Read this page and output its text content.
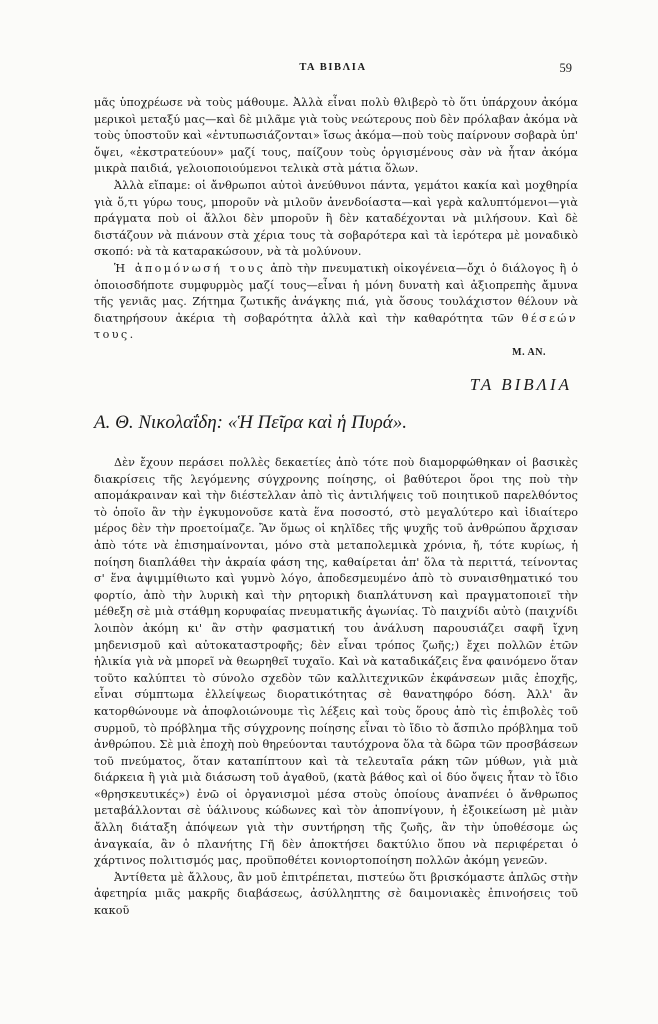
ΤΑ ΒΙΒΛΙΑ	59

μᾶς ὑποχρέωσε νὰ τοὺς μάθουμε. Ἀλλὰ εἶναι πολὺ θλιβερὸ τὸ ὅτι ὑπάρχουν ἀκόμα μερικοὶ μεταξύ μας—καὶ δὲ μιλᾶμε γιὰ τοὺς νεώτερους ποὺ δὲν πρόλαβαν ἀκόμα νὰ τοὺς ὑποστοῦν καὶ «ἐντυπωσιάζονται» ἴσως ἀκόμα—ποὺ τοὺς παίρνουν σοβαρὰ ὑπ' ὄψει, «ἐκστρατεύουν» μαζί τους, παίζουν τοὺς ὀργισμένους σὰν νὰ ἦταν ἀκόμα μικρὰ παιδιά, γελοιοποιούμενοι τελικὰ στὰ μάτια ὅλων.

Ἀλλὰ εἴπαμε: οἱ ἄνθρωποι αὐτοὶ ἀνεύθυνοι πάντα, γεμάτοι κακία καὶ μοχθηρία γιὰ ὅ,τι γύρω τους, μποροῦν νὰ μιλοῦν ἀνενδοίαστα—καὶ γερὰ καλυπτόμενοι—γιὰ πράγματα ποὺ οἱ ἄλλοι δὲν μποροῦν ἢ δὲν καταδέχονται νὰ μιλήσουν. Καὶ δὲ διστάζουν νὰ πιάνουν στὰ χέρια τους τὰ σοβαρότερα καὶ τὰ ἱερότερα μὲ μοναδικὸ σκοπό: νὰ τὰ καταρακώσουν, νὰ τὰ μολύνουν.

Ἡ ἀπομόνωσή τους ἀπὸ τὴν πνευματικὴ οἰκογένεια—ὄχι ὁ διάλογος ἢ ὁ ὁποιοσδήποτε συμφυρμὸς μαζί τους—εἶναι ἡ μόνη δυνατὴ καὶ ἀξιοπρεπὴς ἄμυνα τῆς γενιᾶς μας. Ζήτημα ζωτικῆς ἀνάγκης πιά, γιὰ ὅσους τουλάχιστον θέλουν νὰ διατηρήσουν ἀκέρια τὴ σοβαρότητα ἀλλὰ καὶ τὴν καθαρότητα τῶν θέσεών τους.

Μ. ΑΝ.
ΤΑ ΒΙΒΛΙΑ
Α. Θ. Νικολαΐδη: «Ἡ Πεῖρα καὶ ἡ Πυρά».

Δὲν ἔχουν περάσει πολλὲς δεκαετίες ἀπὸ τότε ποὺ διαμορφώθηκαν οἱ βασικὲς διακρίσεις τῆς λεγόμενης σύγχρονης ποίησης, οἱ βαθύτεροι ὅροι της ποὺ τὴν απομάκραιναν καὶ τὴν διέστελλαν ἀπὸ τὶς ἀντιλήψεις τοῦ ποιητικοῦ παρελθόντος τὸ ὁποῖο ἂν τὴν ἐγκυμονοῦσε κατὰ ἕνα ποσοστό, στὸ μεγαλύτερο καὶ ἰδιαίτερο μέρος δὲν τὴν προετοίμαζε. Ἂν ὅμως οἱ κηλῖδες τῆς ψυχῆς τοῦ ἀνθρώπου ἄρχισαν ἀπὸ τότε νὰ ἐπισημαίνονται, μόνο στὰ μεταπολεμικὰ χρόνια, ἤ, τότε κυρίως, ἡ ποίηση διαπλάθει τὴν ἀκραία φάση της, καθαίρεται ἀπ' ὅλα τὰ περιττά, τείνοντας σ' ἕνα ἀψιμμίθιωτο καὶ γυμνὸ λόγο, ἀποδεσμευμένο ἀπὸ τὸ συναισθηματικό του φορτίο, ἀπὸ τὴν λυρικὴ καὶ τὴν ρητορικὴ διαπλάτυνση καὶ πραγματοποιεῖ τὴν μέθεξη σὲ μιὰ στάθμη κορυφαίας πνευματικῆς ἀγωνίας. Τὸ παιχνίδι αὐτὸ (παιχνίδι λοιπὸν ἀκόμη κι' ἂν στὴν φασματική του ἀνάλυση παρουσιάζει σαφῆ ἴχνη μηδενισμοῦ καὶ αὐτοκαταστροφῆς; δὲν εἶναι τρόπος ζωῆς;) ἔχει πολλῶν ἐτῶν ἡλικία γιὰ νὰ μπορεῖ νὰ θεωρηθεῖ τυχαῖο. Καὶ νὰ καταδικάζεις ἕνα φαινόμενο ὅταν τοῦτο καλύπτει τὸ σύνολο σχεδὸν τῶν καλλιτεχνικῶν ἐκφάνσεων μιᾶς ἐποχῆς, εἶναι σύμπτωμα ἐλλείψεως διορατικότητας σὲ θανατηφόρο δόση. Ἀλλ' ἂν κατορθώνουμε νὰ ἀποφλοιώνουμε τὶς λέξεις καὶ τοὺς ὅρους ἀπὸ τὶς ἐπιβολὲς τοῦ συρμοῦ, τὸ πρόβλημα τῆς σύγχρονης ποίησης εἶναι τὸ ἴδιο τὸ ἄσπιλο πρόβλημα τοῦ ἀνθρώπου. Σὲ μιὰ ἐποχὴ ποὺ θηρεύονται ταυτόχρονα ὅλα τὰ δῶρα τῶν προσβάσεων τοῦ πνεύματος, ὅταν καταπίπτουν καὶ τὰ τελευταῖα ράκη τῶν μύθων, γιὰ μιὰ διάρκεια ἢ γιὰ μιὰ διάσωση τοῦ ἀγαθοῦ, (κατὰ βάθος καὶ οἱ δύο ὄψεις ἦταν τὸ ἴδιο «θρησκευτικές») ἐνῶ οἱ ὀργανισμοὶ μέσα στοὺς ὁποίους ἀναπνέει ὁ ἄνθρωπος μεταβάλλονται σὲ ὑάλινους κώδωνες καὶ τὸν ἀποπνίγουν, ἡ ἐξοικείωση μὲ μιὰν ἄλλη διάταξη ἀπόψεων γιὰ τὴν συντήρηση τῆς ζωῆς, ἂν τὴν ὑποθέσομε ὡς ἀναγκαία, ἂν ὁ πλανήτης Γῆ δὲν ἀποκτήσει δακτύλιο ὅπου νὰ περιφέρεται ὁ χάρτινος πολιτισμός μας, προϋποθέτει κονιορτοποίηση πολλῶν ἀκόμη γενεῶν.

Ἀντίθετα μὲ ἄλλους, ἂν μοῦ ἐπιτρέπεται, πιστεύω ὅτι βρισκόμαστε ἁπλῶς στὴν ἀφετηρία μιᾶς μακρῆς διαβάσεως, ἀσύλληπτης σὲ δαιμονιακὲς ἐπινοήσεις τοῦ κακοῦ
